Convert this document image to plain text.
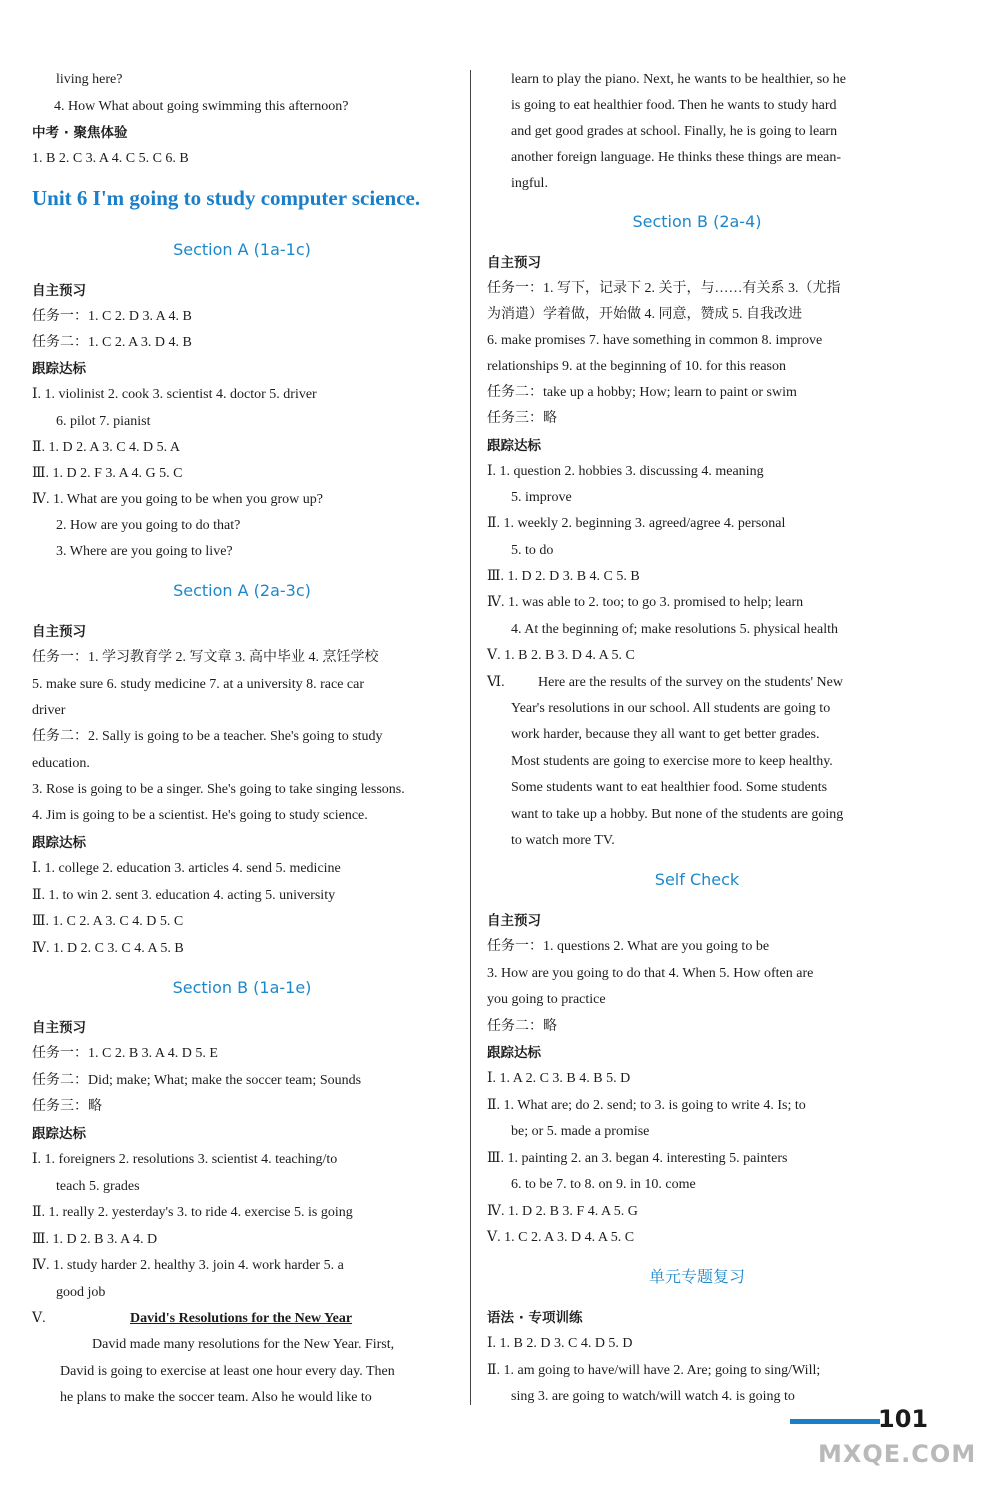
living here?
4. How What about going swimming this afternoon?
中考 · 聚焦体验
1. B 2. C 3. A 4. C 5. C 6. B
Unit 6 I'm going to study computer science.
Section A (1a-1c)
自主预习
任务一：1. C 2. D 3. A 4. B
任务二：1. C 2. A 3. D 4. B
跟踪达标
Ⅰ. 1. violinist 2. cook 3. scientist 4. doctor 5. driver
6. pilot 7. pianist
Ⅱ. 1. D 2. A 3. C 4. D 5. A
Ⅲ. 1. D 2. F 3. A 4. G 5. C
Ⅳ. 1. What are you going to be when you grow up?
2. How are you going to do that?
3. Where are you going to live?
Section A (2a-3c)
自主预习
任务一：1. 学习教育学 2. 写文章 3. 高中毕业 4. 烹饪学校
5. make sure 6. study medicine 7. at a university 8. race car
driver
任务二：2. Sally is going to be a teacher. She's going to study
education.
3. Rose is going to be a singer. She's going to take singing lessons.
4. Jim is going to be a scientist. He's going to study science.
跟踪达标
Ⅰ. 1. college 2. education 3. articles 4. send 5. medicine
Ⅱ. 1. to win 2. sent 3. education 4. acting 5. university
Ⅲ. 1. C 2. A 3. C 4. D 5. C
Ⅳ. 1. D 2. C 3. C 4. A 5. B
Section B (1a-1e)
自主预习
任务一：1. C 2. B 3. A 4. D 5. E
任务二：Did; make; What; make the soccer team; Sounds
任务三：略
跟踪达标
Ⅰ. 1. foreigners 2. resolutions 3. scientist 4. teaching/to
teach 5. grades
Ⅱ. 1. really 2. yesterday's 3. to ride 4. exercise 5. is going
Ⅲ. 1. D 2. B 3. A 4. D
Ⅳ. 1. study harder 2. healthy 3. join 4. work harder 5. a
good job
Ⅴ.	David's Resolutions for the New Year
David made many resolutions for the New Year. First,
David is going to exercise at least one hour every day. Then
he plans to make the soccer team. Also he would like to
learn to play the piano. Next, he wants to be healthier, so he
is going to eat healthier food. Then he wants to study hard
and get good grades at school. Finally, he is going to learn
another foreign language. He thinks these things are mean-
ingful.
Section B (2a-4)
自主预习
任务一：1. 写下，记录下 2. 关于，与……有关系 3.（尤指
为消遣）学着做，开始做 4. 同意，赞成 5. 自我改进
6. make promises 7. have something in common 8. improve
relationships 9. at the beginning of 10. for this reason
任务二：take up a hobby; How; learn to paint or swim
任务三：略
跟踪达标
Ⅰ. 1. question 2. hobbies 3. discussing 4. meaning
5. improve
Ⅱ. 1. weekly 2. beginning 3. agreed/agree 4. personal
5. to do
Ⅲ. 1. D 2. D 3. B 4. C 5. B
Ⅳ. 1. was able to 2. too; to go 3. promised to help; learn
4. At the beginning of; make resolutions 5. physical health
Ⅴ. 1. B 2. B 3. D 4. A 5. C
Ⅵ. Here are the results of the survey on the students' New
Year's resolutions in our school. All students are going to
work harder, because they all want to get better grades.
Most students are going to exercise more to keep healthy.
Some students want to eat healthier food. Some students
want to take up a hobby. But none of the students are going
to watch more TV.
Self Check
自主预习
任务一：1. questions 2. What are you going to be
3. How are you going to do that 4. When 5. How often are
you going to practice
任务二：略
跟踪达标
Ⅰ. 1. A 2. C 3. B 4. B 5. D
Ⅱ. 1. What are; do 2. send; to 3. is going to write 4. Is; to
be; or 5. made a promise
Ⅲ. 1. painting 2. an 3. began 4. interesting 5. painters
6. to be 7. to 8. on 9. in 10. come
Ⅳ. 1. D 2. B 3. F 4. A 5. G
Ⅴ. 1. C 2. A 3. D 4. A 5. C
单元专题复习
语法 · 专项训练
Ⅰ. 1. B 2. D 3. C 4. D 5. D
Ⅱ. 1. am going to have/will have 2. Are; going to sing/Will;
sing 3. are going to watch/will watch 4. is going to
101
MXQE.COM
